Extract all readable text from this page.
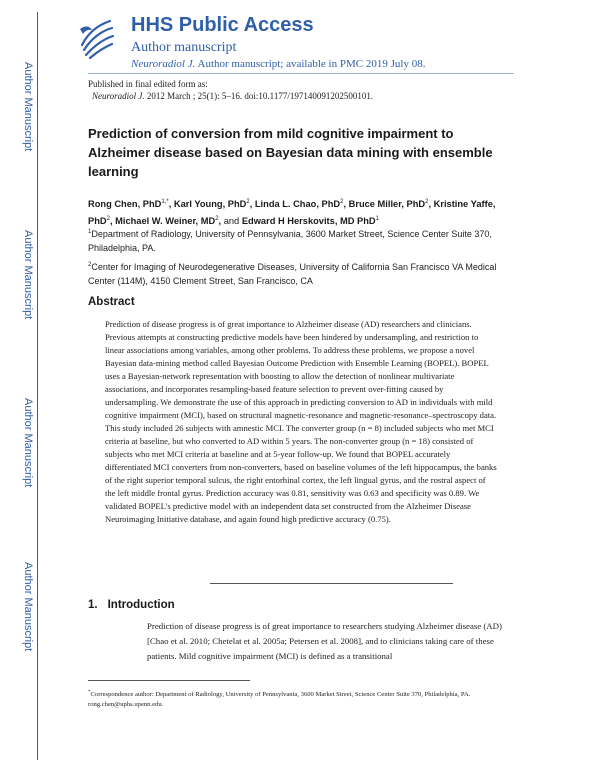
Author Manuscript
Author Manuscript
Author Manuscript
Author Manuscript
HHS Public Access
Author manuscript
Neuroradiol J. Author manuscript; available in PMC 2019 July 08.
Published in final edited form as:
Neuroradiol J. 2012 March ; 25(1): 5–16. doi:10.1177/197140091202500101.
Prediction of conversion from mild cognitive impairment to Alzheimer disease based on Bayesian data mining with ensemble learning
Rong Chen, PhD$^{1,*}$, Karl Young, PhD$^2$, Linda L. Chao, PhD$^2$, Bruce Miller, PhD$^2$, Kristine Yaffe, PhD$^2$, Michael W. Weiner, $MD^2$, and Edward H Herskovits, MD PhD$^1$
$^1$Department of Radiology, University of Pennsylvania, 3600 Market Street, Science Center Suite 370, Philadelphia, PA.
$^2$Center for Imaging of Neurodegenerative Diseases, University of California San Francisco VA Medical Center (114M), 4150 Clement Street, San Francisco, CA
Abstract

Prediction of disease progress is of great importance to Alzheimer disease (AD) researchers and clinicians. Previous attempts at constructing predictive models have been hindered by undersampling, and restriction to linear associations among variables, among other problems. To address these problems, we propose a novel Bayesian data-mining method called Bayesian Outcome Prediction with Ensemble Learning (BOPEL). BOPEL uses a Bayesian-network representation with boosting to allow the detection of nonlinear multivariate associations, and incorporates resampling-based feature selection to prevent over-fitting caused by undersampling. We demonstrate the use of this approach in predicting conversion to AD in individuals with mild cognitive impairment (MCI), based on structural magnetic-resonance and magnetic-resonance–spectroscopy data. This study included 26 subjects with amnestic MCI. The converter group (n = 8) included subjects who met MCI criteria at baseline, but who converted to AD within 5 years. The non-converter group (n = 18) consisted of subjects who met MCI criteria at baseline and at 5-year follow-up. We found that BOPEL accurately differentiated MCI converters from non-converters, based on baseline volumes of the left hippocampus, the banks of the right superior temporal sulcus, the right entorhinal cortex, the left lingual gyrus, and the rostral aspect of the left middle frontal gyrus. Prediction accuracy was 0.81, sensitivity was 0.63 and specificity was 0.89. We validated BOPEL's predictive model with an independent data set constructed from the Alzheimer Disease Neuroimaging Initiative database, and again found high predictive accuracy (0.75).

1. Introduction

Prediction of disease progress is of great importance to researchers studying Alzheimer disease (AD) [Chao et al. 2010; Chetelat et al. 2005a; Petersen et al. 2008], and to clinicians taking care of these patients. Mild cognitive impairment (MCI) is defined as a transitional

*Correspondence author: Department of Radiology, University of Pennsylvania, 3600 Market Street, Science Center Suite 370, Philadelphia, PA. rong.chen@uphs.upenn.edu.
